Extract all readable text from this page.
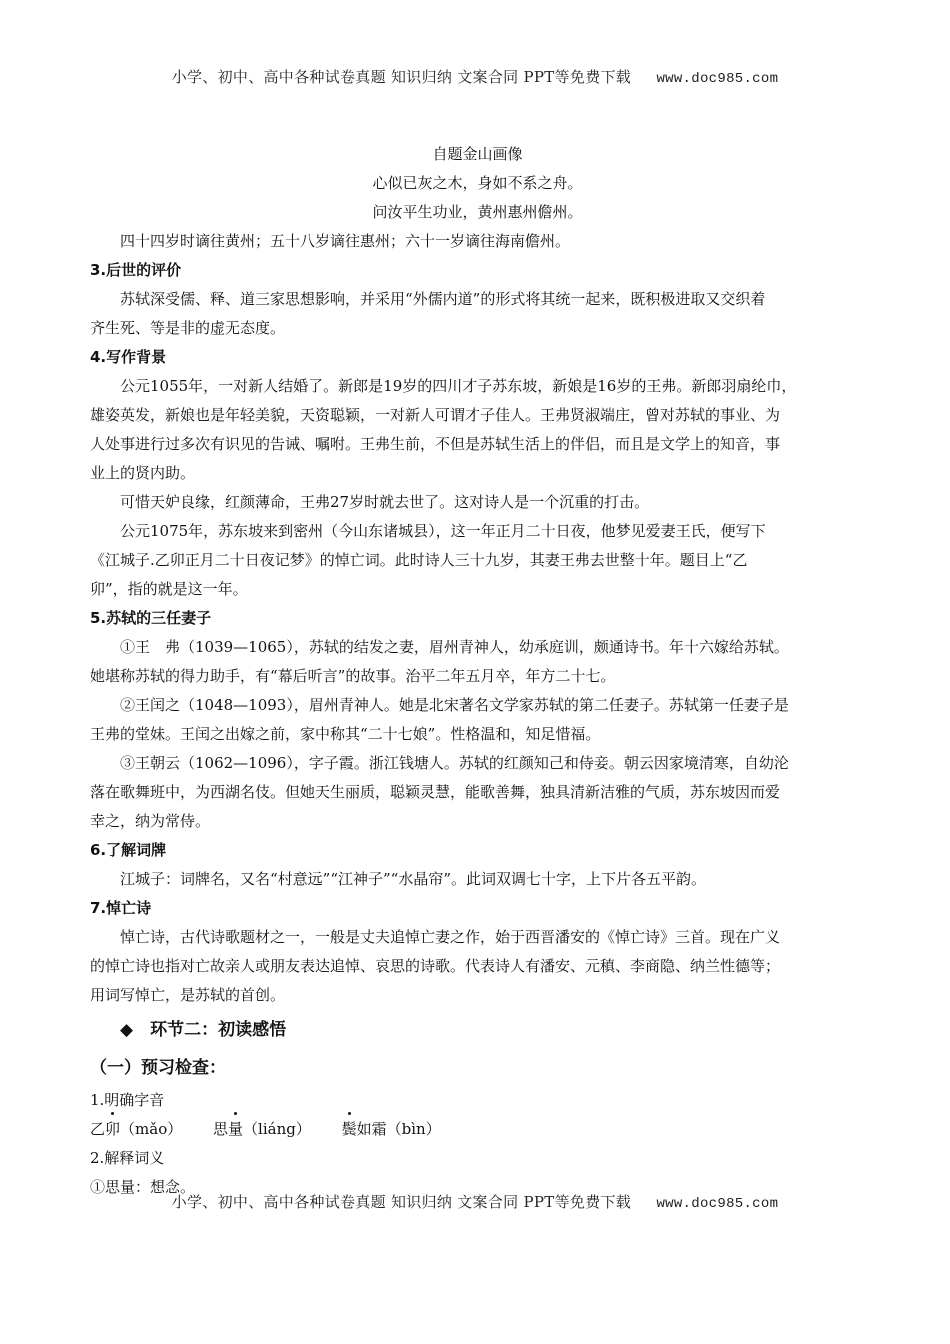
小学、初中、高中各种试卷真题 知识归纳 文案合同 PPT等免费下载 www.doc985.com
自题金山画像
心似已灰之木，身如不系之舟。
问汝平生功业，黄州惠州儋州。
四十四岁时谪往黄州；五十八岁谪往惠州；六十一岁谪往海南儋州。
3.后世的评价
苏轼深受儒、释、道三家思想影响，并采用“外儒内道”的形式将其统一起来，既积极进取又交织着
齐生死、等是非的虚无态度。
4.写作背景
公元1055年，一对新人结婚了。新郎是19岁的四川才子苏东坡，新娘是16岁的王弗。新郎羽扇纶巾，
雄姿英发，新娘也是年轻美貌，天资聪颖，一对新人可谓才子佳人。王弗贤淑端庄，曾对苏轼的事业、为
人处事进行过多次有识见的告诫、嘱咐。王弗生前，不但是苏轼生活上的伴侣，而且是文学上的知音，事
业上的贤内助。
可惜天妒良缘，红颜薄命，王弗27岁时就去世了。这对诗人是一个沉重的打击。
公元1075年，苏东坡来到密州（今山东诸城县），这一年正月二十日夜，他梦见爱妻王氏，便写下
《江城子.乙卯正月二十日夜记梦》的悼亡词。此时诗人三十九岁，其妻王弗去世整十年。题目上“乙
卯”，指的就是这一年。
5.苏轼的三任妻子
①王　弗（1039—1065），苏轼的结发之妻，眉州青神人，幼承庭训，颇通诗书。年十六嫁给苏轼。
她堪称苏轼的得力助手，有“幕后听言”的故事。治平二年五月卒，年方二十七。
②王闰之（1048—1093），眉州青神人。她是北宋著名文学家苏轼的第二任妻子。苏轼第一任妻子是
王弗的堂妹。王闰之出嫁之前，家中称其“二十七娘”。性格温和，知足惜福。
③王朝云（1062—1096），字子霞。浙江钱塘人。苏轼的红颜知己和侍妾。朝云因家境清寒，自幼沦
落在歌舞班中，为西湖名伎。但她天生丽质，聪颖灵慧，能歌善舞，独具清新洁雅的气质，苏东坡因而爱
幸之，纳为常侍。
6.了解词牌
江城子：词牌名，又名“村意远”“江神子”“水晶帘”。此词双调七十字，上下片各五平韵。
7.悼亡诗
悼亡诗，古代诗歌题材之一，一般是丈夫追悼亡妻之作，始于西晋潘安的《悼亡诗》三首。现在广义
的悼亡诗也指对亡故亲人或朋友表达追悼、哀思的诗歌。代表诗人有潘安、元稹、李商隐、纳兰性德等；
用词写悼亡，是苏轼的首创。
◆　环节二：初读感悟
（一）预习检查：
1.明确字音
乙卯（mǎo） 思量（liáng） 鬓如霜（bìn）
2.解释词义
①思量：想念。
小学、初中、高中各种试卷真题 知识归纳 文案合同 PPT等免费下载 www.doc985.com
